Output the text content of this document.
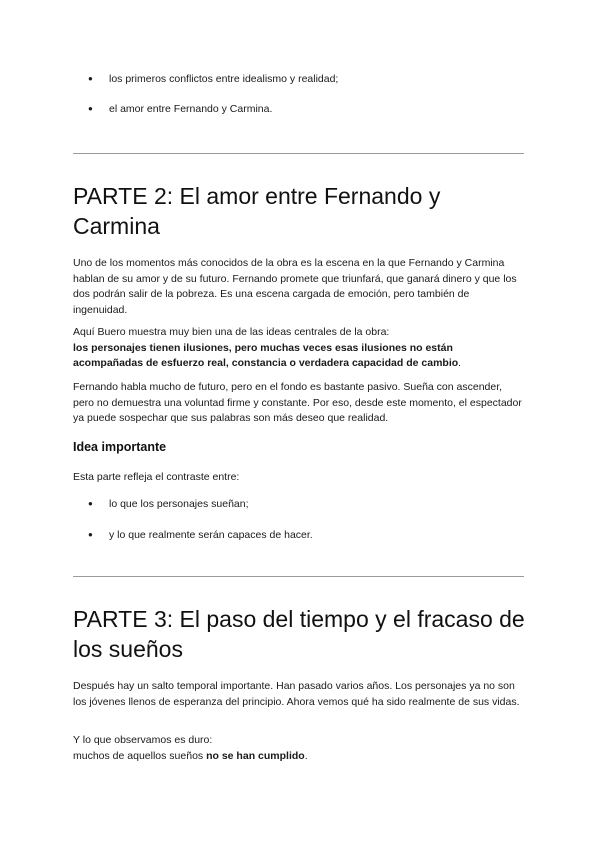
● los primeros conflictos entre idealismo y realidad;
● el amor entre Fernando y Carmina.
PARTE 2: El amor entre Fernando y Carmina

Uno de los momentos más conocidos de la obra es la escena en la que Fernando y Carmina hablan de su amor y de su futuro. Fernando promete que triunfará, que ganará dinero y que los dos podrán salir de la pobreza. Es una escena cargada de emoción, pero también de ingenuidad.

Aquí Buero muestra muy bien una de las ideas centrales de la obra:
los personajes tienen ilusiones, pero muchas veces esas ilusiones no están acompañadas de esfuerzo real, constancia o verdadera capacidad de cambio.

Fernando habla mucho de futuro, pero en el fondo es bastante pasivo. Sueña con ascender, pero no demuestra una voluntad firme y constante. Por eso, desde este momento, el espectador ya puede sospechar que sus palabras son más deseo que realidad.

Idea importante

Esta parte refleja el contraste entre:

● lo que los personajes sueñan;
● y lo que realmente serán capaces de hacer.
PARTE 3: El paso del tiempo y el fracaso de los sueños

Después hay un salto temporal importante. Han pasado varios años. Los personajes ya no son los jóvenes llenos de esperanza del principio. Ahora vemos qué ha sido realmente de sus vidas.

Y lo que observamos es duro:
muchos de aquellos sueños no se han cumplido.
